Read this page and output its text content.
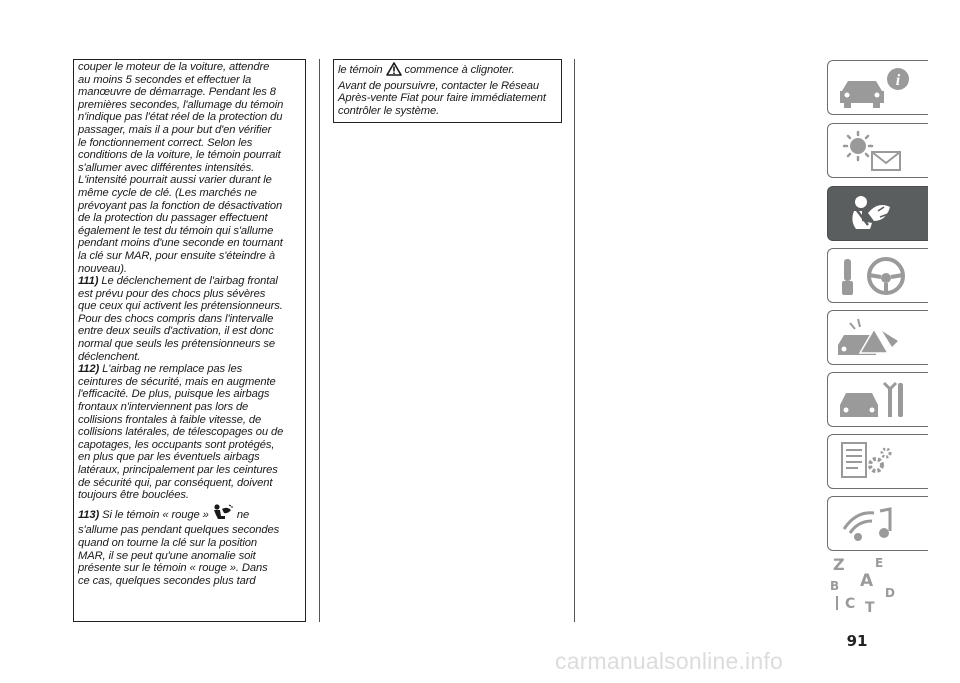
couper le moteur de la voiture, attendre
au moins 5 secondes et effectuer la
manœuvre de démarrage. Pendant les 8
premières secondes, l'allumage du témoin
n'indique pas l'état réel de la protection du
passager, mais il a pour but d'en vérifier
le fonctionnement correct. Selon les
conditions de la voiture, le témoin pourrait
s'allumer avec différentes intensités.
L'intensité pourrait aussi varier durant le
même cycle de clé. (Les marchés ne
prévoyant pas la fonction de désactivation
de la protection du passager effectuent
également le test du témoin qui s'allume
pendant moins d'une seconde en tournant
la clé sur MAR, pour ensuite s'éteindre à
nouveau).

111) Le déclenchement de l'airbag frontal
est prévu pour des chocs plus sévères
que ceux qui activent les prétensionneurs.
Pour des chocs compris dans l'intervalle
entre deux seuils d'activation, il est donc
normal que seuls les prétensionneurs se
déclenchent.

112) L'airbag ne remplace pas les
ceintures de sécurité, mais en augmente
l'efficacité. De plus, puisque les airbags
frontaux n'interviennent pas lors de
collisions frontales à faible vitesse, de
collisions latérales, de télescopages ou de
capotages, les occupants sont protégés,
en plus que par les éventuels airbags
latéraux, principalement par les ceintures
de sécurité qui, par conséquent, doivent
toujours être bouclées.

113) Si le témoin « rouge »	ne
s'allume pas pendant quelques secondes
quand on tourne la clé sur la position
MAR, il se peut qu'une anomalie soit
présente sur le témoin « rouge ». Dans
ce cas, quelques secondes plus tard

le témoin commence à clignoter.
Avant de poursuivre, contacter le Réseau
Après-vente Fiat pour faire immédiatement
contrôler le système.

i
Z	E
A
B
C
D
T
91
carmanualsonline.info
